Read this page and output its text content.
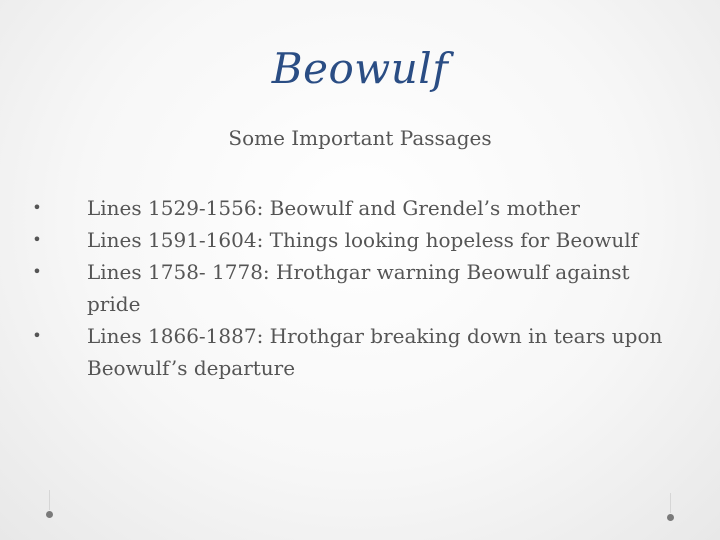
Beowulf
Some Important Passages
• Lines 1529-1556: Beowulf and Grendel’s mother
• Lines 1591-1604: Things looking hopeless for Beowulf
• Lines 1758- 1778: Hrothgar warning Beowulf against pride
• Lines 1866-1887: Hrothgar breaking down in tears upon Beowulf’s departure
